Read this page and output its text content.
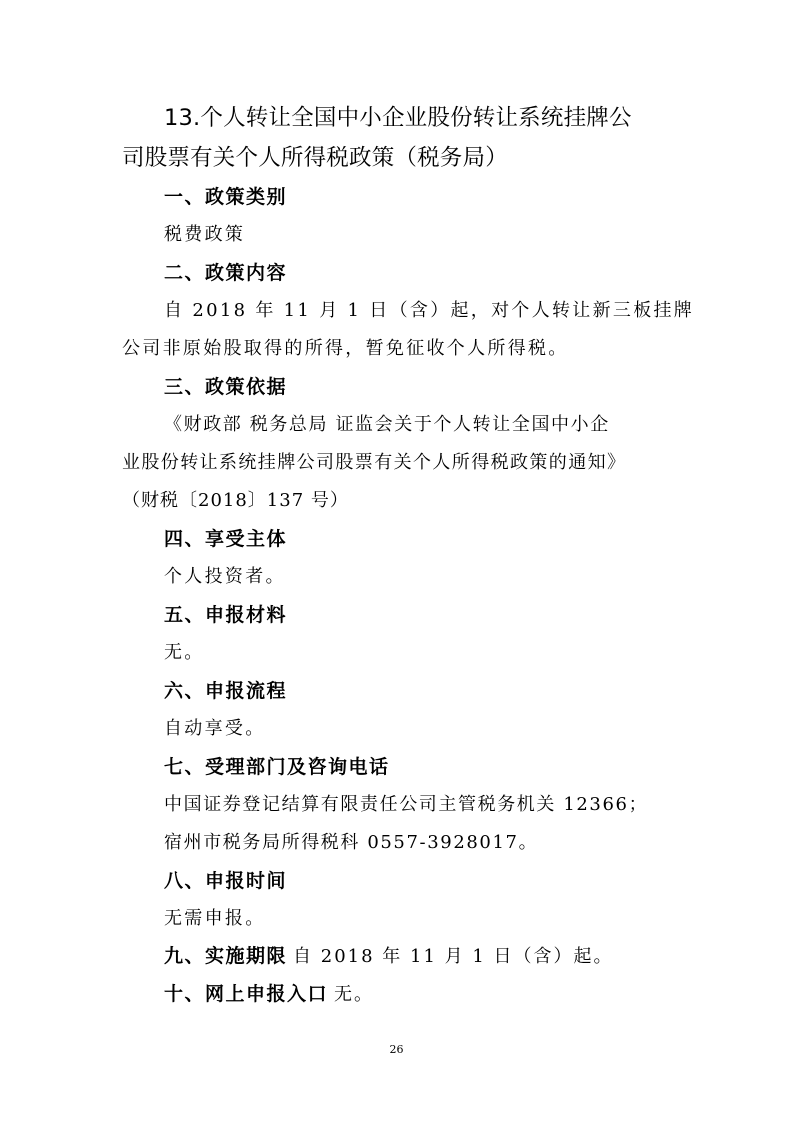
13.个人转让全国中小企业股份转让系统挂牌公
司股票有关个人所得税政策（税务局）
一、政策类别
税费政策
二、政策内容
自 2018 年 11 月 1 日（含）起，对个人转让新三板挂牌
公司非原始股取得的所得，暂免征收个人所得税。
三、政策依据
《财政部 税务总局 证监会关于个人转让全国中小企
业股份转让系统挂牌公司股票有关个人所得税政策的通知》
（财税〔2018〕137 号）
四、享受主体
个人投资者。
五、申报材料
无。
六、申报流程
自动享受。
七、受理部门及咨询电话
中国证券登记结算有限责任公司主管税务机关 12366；
宿州市税务局所得税科 0557-3928017。
八、申报时间
无需申报。
九、实施期限 自 2018 年 11 月 1 日（含）起。
十、网上申报入口 无。
26
